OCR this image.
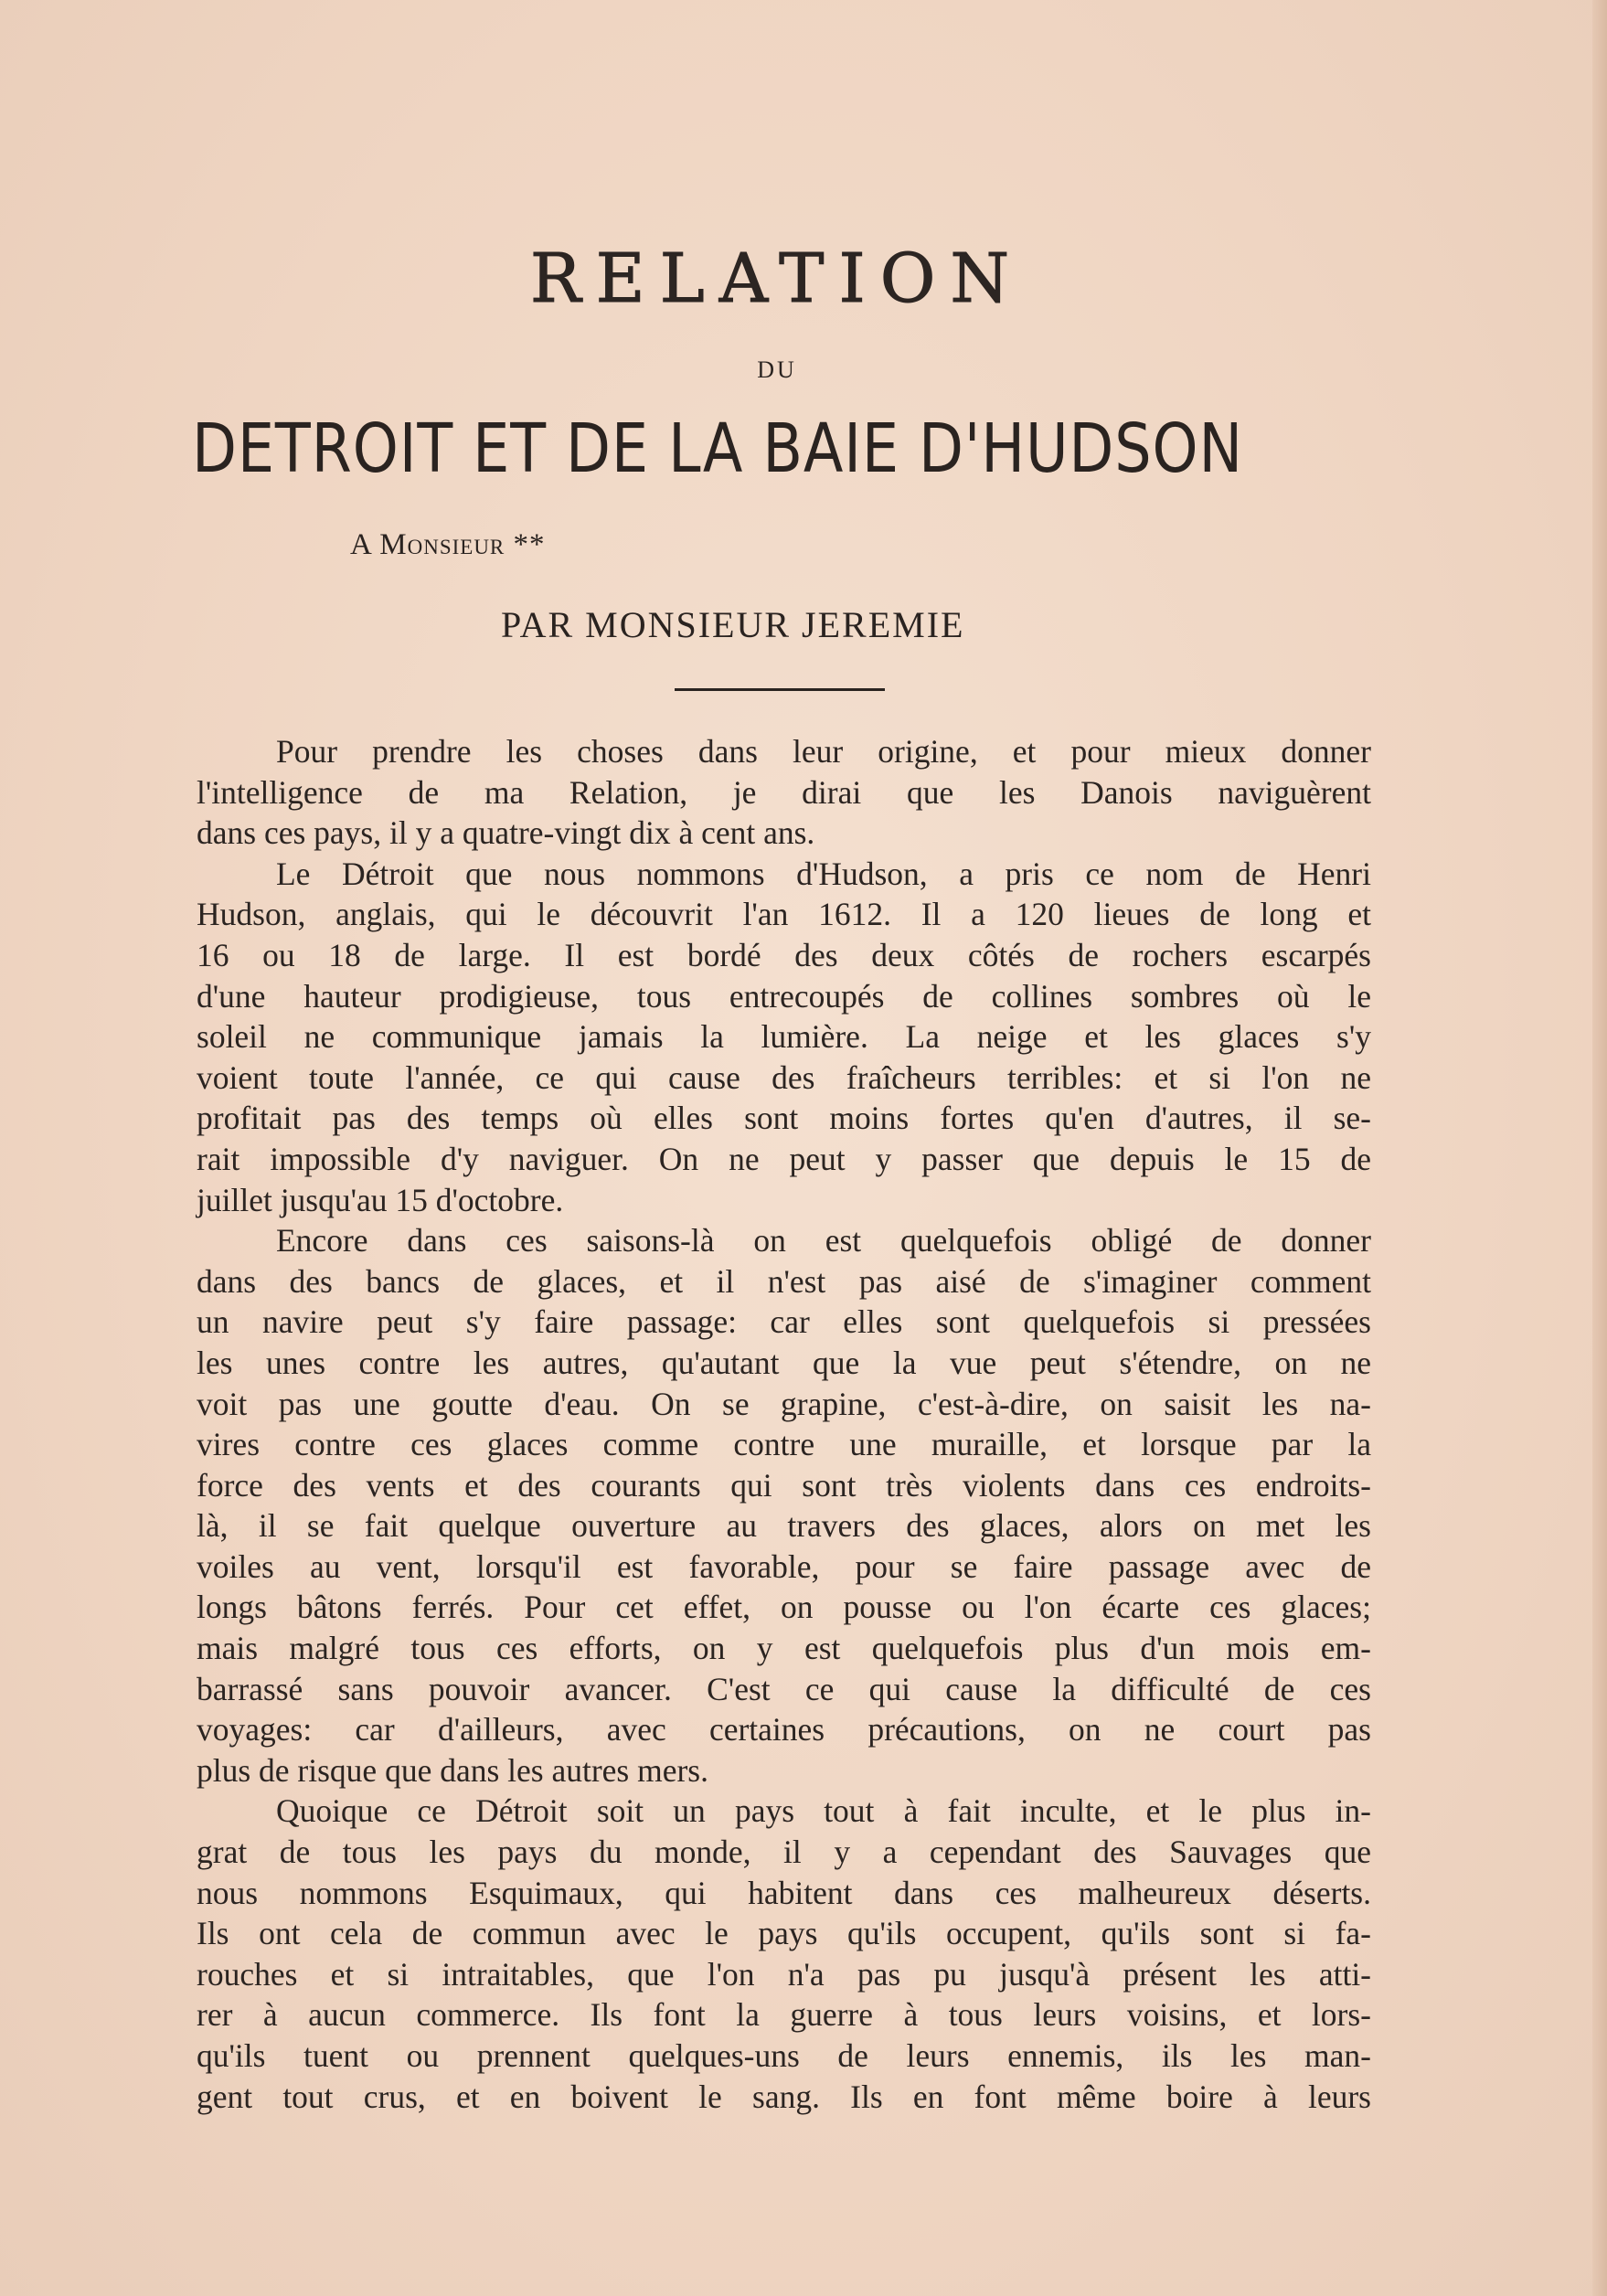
RELATION
DU
DETROIT ET DE LA BAIE D'HUDSON
A Monsieur **
PAR MONSIEUR JEREMIE

Pour prendre les choses dans leur origine, et pour mieux donner
l'intelligence de ma Relation, je dirai que les Danois naviguèrent
dans ces pays, il y a quatre-vingt dix à cent ans.

Le Détroit que nous nommons d'Hudson, a pris ce nom de Henri
Hudson, anglais, qui le découvrit l'an 1612. Il a 120 lieues de long et
16 ou 18 de large. Il est bordé des deux côtés de rochers escarpés
d'une hauteur prodigieuse, tous entrecoupés de collines sombres où le
soleil ne communique jamais la lumière. La neige et les glaces s'y
voient toute l'année, ce qui cause des fraîcheurs terribles: et si l'on ne
profitait pas des temps où elles sont moins fortes qu'en d'autres, il se-
rait impossible d'y naviguer. On ne peut y passer que depuis le 15 de
juillet jusqu'au 15 d'octobre.

Encore dans ces saisons-là on est quelquefois obligé de donner
dans des bancs de glaces, et il n'est pas aisé de s'imaginer comment
un navire peut s'y faire passage: car elles sont quelquefois si pressées
les unes contre les autres, qu'autant que la vue peut s'étendre, on ne
voit pas une goutte d'eau. On se grapine, c'est-à-dire, on saisit les na-
vires contre ces glaces comme contre une muraille, et lorsque par la
force des vents et des courants qui sont très violents dans ces endroits-
là, il se fait quelque ouverture au travers des glaces, alors on met les
voiles au vent, lorsqu'il est favorable, pour se faire passage avec de
longs bâtons ferrés. Pour cet effet, on pousse ou l'on écarte ces glaces;
mais malgré tous ces efforts, on y est quelquefois plus d'un mois em-
barrassé sans pouvoir avancer. C'est ce qui cause la difficulté de ces
voyages: car d'ailleurs, avec certaines précautions, on ne court pas
plus de risque que dans les autres mers.

Quoique ce Détroit soit un pays tout à fait inculte, et le plus in-
grat de tous les pays du monde, il y a cependant des Sauvages que
nous nommons Esquimaux, qui habitent dans ces malheureux déserts.
Ils ont cela de commun avec le pays qu'ils occupent, qu'ils sont si fa-
rouches et si intraitables, que l'on n'a pas pu jusqu'à présent les atti-
rer à aucun commerce. Ils font la guerre à tous leurs voisins, et lors-
qu'ils tuent ou prennent quelques-uns de leurs ennemis, ils les man-
gent tout crus, et en boivent le sang. Ils en font même boire à leurs
